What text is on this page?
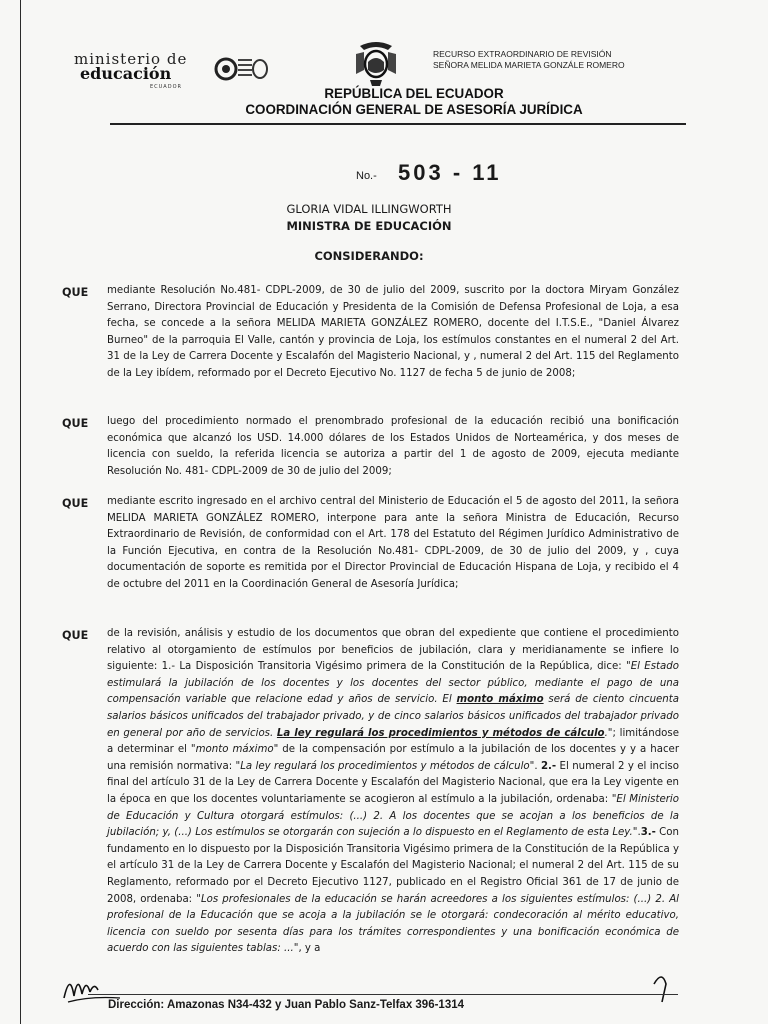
ministerio de
educación
ECUADOR
RECURSO EXTRAORDINARIO DE REVISIÓN
SEÑORA MELIDA MARIETA GONZÁLE ROMERO
REPÚBLICA DEL ECUADOR
COORDINACIÓN GENERAL DE ASESORÍA JURÍDICA
No.- 503 - 11
GLORIA VIDAL ILLINGWORTH
MINISTRA DE EDUCACIÓN
CONSIDERANDO:
QUE mediante Resolución No.481- CDPL-2009, de 30 de julio del 2009, suscrito por la doctora Miryam González Serrano, Directora Provincial de Educación y Presidenta de la Comisión de Defensa Profesional de Loja, a esa fecha, se concede a la señora MELIDA MARIETA GONZÁLEZ ROMERO, docente del I.T.S.E., "Daniel Álvarez Burneo" de la parroquia El Valle, cantón y provincia de Loja, los estímulos constantes en el numeral 2 del Art. 31 de la Ley de Carrera Docente y Escalafón del Magisterio Nacional, y , numeral 2 del Art. 115 del Reglamento de la Ley ibídem, reformado por el Decreto Ejecutivo No. 1127 de fecha 5 de junio de 2008;
QUE luego del procedimiento normado el prenombrado profesional de la educación recibió una bonificación económica que alcanzó los USD. 14.000 dólares de los Estados Unidos de Norteamérica, y dos meses de licencia con sueldo, la referida licencia se autoriza a partir del 1 de agosto de 2009, ejecuta mediante Resolución No. 481- CDPL-2009 de 30 de julio del 2009;
QUE mediante escrito ingresado en el archivo central del Ministerio de Educación el 5 de agosto del 2011, la señora MELIDA MARIETA GONZÁLEZ ROMERO, interpone para ante la señora Ministra de Educación, Recurso Extraordinario de Revisión, de conformidad con el Art. 178 del Estatuto del Régimen Jurídico Administrativo de la Función Ejecutiva, en contra de la Resolución No.481- CDPL-2009, de 30 de julio del 2009, y , cuya documentación de soporte es remitida por el Director Provincial de Educación Hispana de Loja, y recibido el 4 de octubre del 2011 en la Coordinación General de Asesoría Jurídica;
QUE de la revisión, análisis y estudio de los documentos que obran del expediente que contiene el procedimiento relativo al otorgamiento de estímulos por beneficios de jubilación, clara y meridianamente se infiere lo siguiente: 1.- La Disposición Transitoria Vigésimo primera de la Constitución de la República, dice: "El Estado estimulará la jubilación de los docentes y los docentes del sector público, mediante el pago de una compensación variable que relacione edad y años de servicio. El monto máximo será de ciento cincuenta salarios básicos unificados del trabajador privado, y de cinco salarios básicos unificados del trabajador privado en general por año de servicios. La ley regulará los procedimientos y métodos de cálculo."; limitándose a determinar el "monto máximo" de la compensación por estímulo a la jubilación de los docentes y y a hacer una remisión normativa: "La ley regulará los procedimientos y métodos de cálculo". 2.- El numeral 2 y el inciso final del artículo 31 de la Ley de Carrera Docente y Escalafón del Magisterio Nacional, que era la Ley vigente en la época en que los docentes voluntariamente se acogieron al estímulo a la jubilación, ordenaba: "El Ministerio de Educación y Cultura otorgará estímulos: (...) 2. A los docentes que se acojan a los beneficios de la jubilación; y, (...) Los estímulos se otorgarán con sujeción a lo dispuesto en el Reglamento de esta Ley.".3.- Con fundamento en lo dispuesto por la Disposición Transitoria Vigésimo primera de la Constitución de la República y el artículo 31 de la Ley de Carrera Docente y Escalafón del Magisterio Nacional; el numeral 2 del Art. 115 de su Reglamento, reformado por el Decreto Ejecutivo 1127, publicado en el Registro Oficial 361 de 17 de junio de 2008, ordenaba: "Los profesionales de la educación se harán acreedores a los siguientes estímulos: (...) 2. Al profesional de la Educación que se acoja a la jubilación se le otorgará: condecoración al mérito educativo, licencia con sueldo por sesenta días para los trámites correspondientes y una bonificación económica de acuerdo con las siguientes tablas: ...", y a
Dirección: Amazonas N34-432 y Juan Pablo Sanz-Telfax 396-1314
